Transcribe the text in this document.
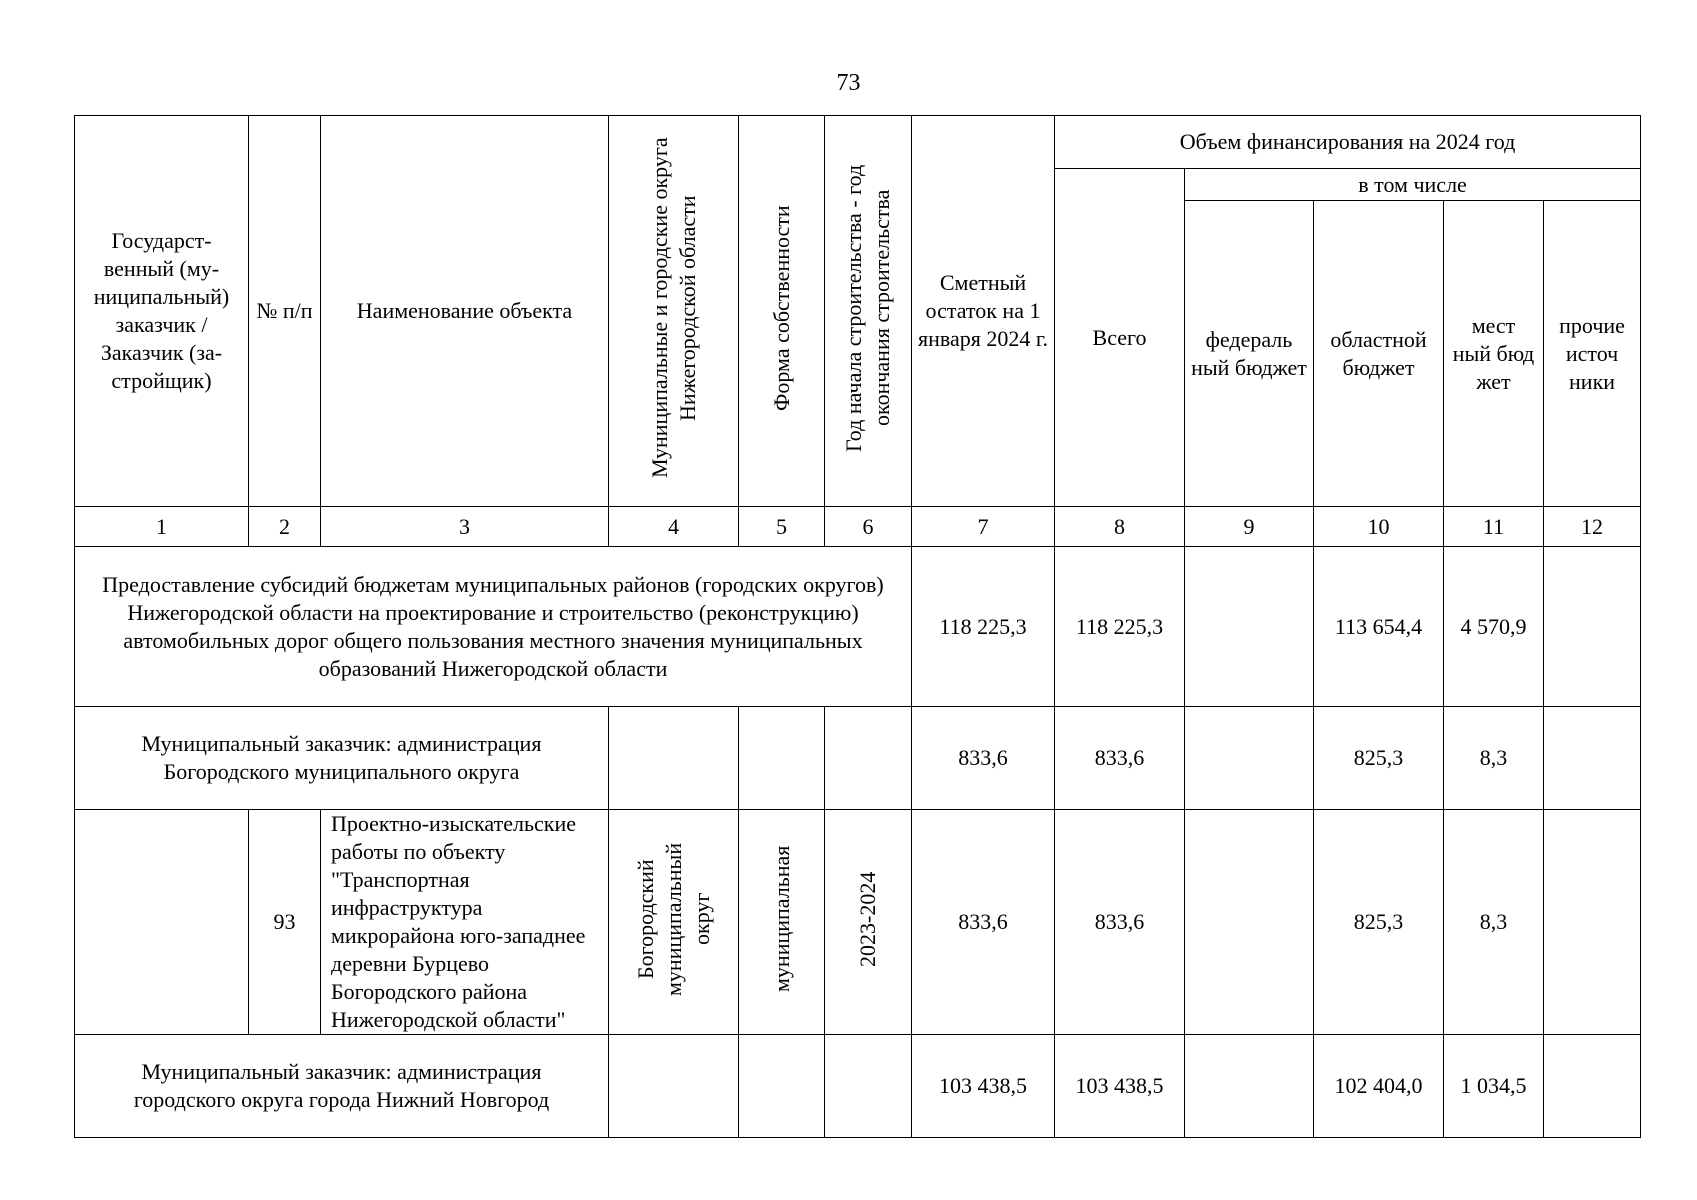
73
Государст-венный (му-ниципальный) заказчик / Заказчик (за-стройщик)	№ п/п	Наименование объекта	Муниципальные и городские округа Нижегородской области	Форма собственности	Год начала строительства - год окончания строительства	Сметный остаток на 1 января 2024 г.	Объем финансирования на 2024 год				
							Всего	в том числе			
								федераль ный бюджет	областной бюджет	мест ный бюд жет	прочие источ ники
1	2	3	4	5	6	7	8	9	10	11	12
Предоставление субсидий бюджетам муниципальных районов (городских округов) Нижегородской области на проектирование и строительство (реконструкцию) автомобильных дорог общего пользования местного значения муниципальных образований Нижегородской области						118 225,3	118 225,3		113 654,4	4 570,9	
Муниципальный заказчик: администрация Богородского муниципального округа						833,6	833,6		825,3	8,3	
	93	Проектно-изыскательские работы по объекту "Транспортная инфраструктура микрорайона юго-западнее деревни Бурцево Богородского района Нижегородской области"	Богородский муниципальный округ	муниципальная	2023-2024	833,6	833,6		825,3	8,3	
Муниципальный заказчик: администрация городского округа города Нижний Новгород						103 438,5	103 438,5		102 404,0	1 034,5	
